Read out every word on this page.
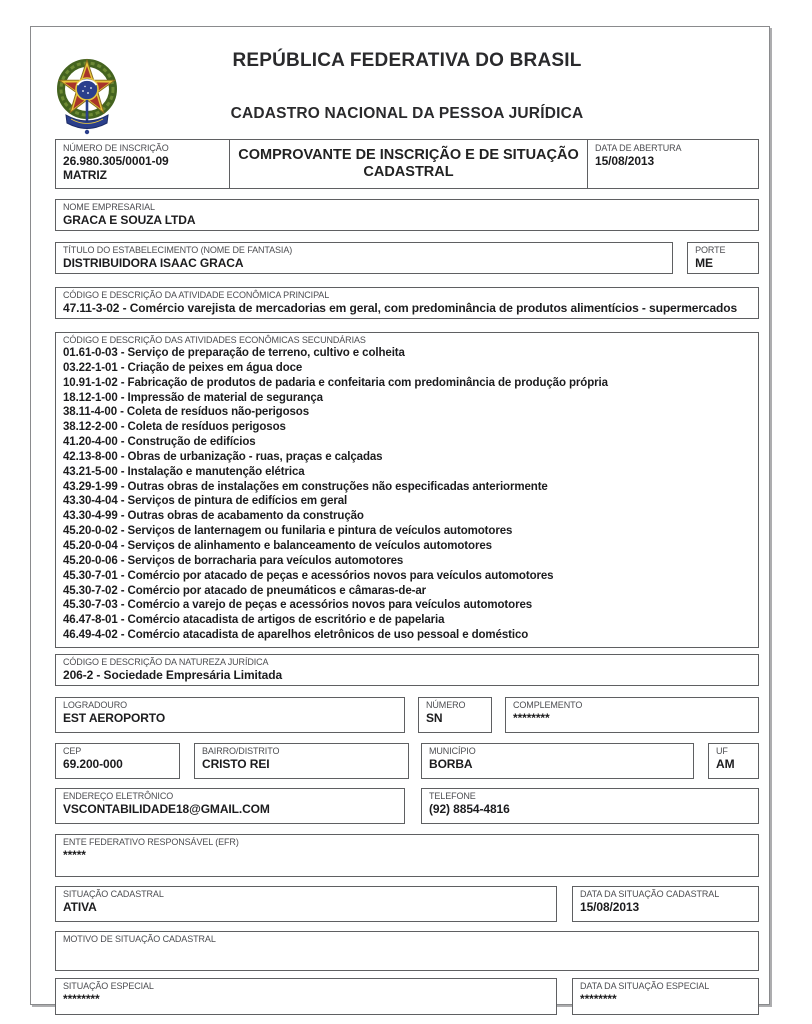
REPÚBLICA FEDERATIVA DO BRASIL
CADASTRO NACIONAL DA PESSOA JURÍDICA
NÚMERO DE INSCRIÇÃO
26.980.305/0001-09
MATRIZ
COMPROVANTE DE INSCRIÇÃO E DE SITUAÇÃO CADASTRAL
DATA DE ABERTURA
15/08/2013
NOME EMPRESARIAL
GRACA E SOUZA LTDA
TÍTULO DO ESTABELECIMENTO (NOME DE FANTASIA)
DISTRIBUIDORA ISAAC GRACA
PORTE
ME
CÓDIGO E DESCRIÇÃO DA ATIVIDADE ECONÔMICA PRINCIPAL
47.11-3-02 - Comércio varejista de mercadorias em geral, com predominância de produtos alimentícios - supermercados
CÓDIGO E DESCRIÇÃO DAS ATIVIDADES ECONÔMICAS SECUNDÁRIAS
01.61-0-03 - Serviço de preparação de terreno, cultivo e colheita
03.22-1-01 - Criação de peixes em água doce
10.91-1-02 - Fabricação de produtos de padaria e confeitaria com predominância de produção própria
18.12-1-00 - Impressão de material de segurança
38.11-4-00 - Coleta de resíduos não-perigosos
38.12-2-00 - Coleta de resíduos perigosos
41.20-4-00 - Construção de edifícios
42.13-8-00 - Obras de urbanização - ruas, praças e calçadas
43.21-5-00 - Instalação e manutenção elétrica
43.29-1-99 - Outras obras de instalações em construções não especificadas anteriormente
43.30-4-04 - Serviços de pintura de edifícios em geral
43.30-4-99 - Outras obras de acabamento da construção
45.20-0-02 - Serviços de lanternagem ou funilaria e pintura de veículos automotores
45.20-0-04 - Serviços de alinhamento e balanceamento de veículos automotores
45.20-0-06 - Serviços de borracharia para veículos automotores
45.30-7-01 - Comércio por atacado de peças e acessórios novos para veículos automotores
45.30-7-02 - Comércio por atacado de pneumáticos e câmaras-de-ar
45.30-7-03 - Comércio a varejo de peças e acessórios novos para veículos automotores
46.47-8-01 - Comércio atacadista de artigos de escritório e de papelaria
46.49-4-02 - Comércio atacadista de aparelhos eletrônicos de uso pessoal e doméstico
CÓDIGO E DESCRIÇÃO DA NATUREZA JURÍDICA
206-2 - Sociedade Empresária Limitada
LOGRADOURO
EST AEROPORTO
NÚMERO
SN
COMPLEMENTO
********
CEP
69.200-000
BAIRRO/DISTRITO
CRISTO REI
MUNICÍPIO
BORBA
UF
AM
ENDEREÇO ELETRÔNICO
VSCONTABILIDADE18@GMAIL.COM
TELEFONE
(92) 8854-4816
ENTE FEDERATIVO RESPONSÁVEL (EFR)
*****
SITUAÇÃO CADASTRAL
ATIVA
DATA DA SITUAÇÃO CADASTRAL
15/08/2013
MOTIVO DE SITUAÇÃO CADASTRAL
SITUAÇÃO ESPECIAL
********
DATA DA SITUAÇÃO ESPECIAL
********
